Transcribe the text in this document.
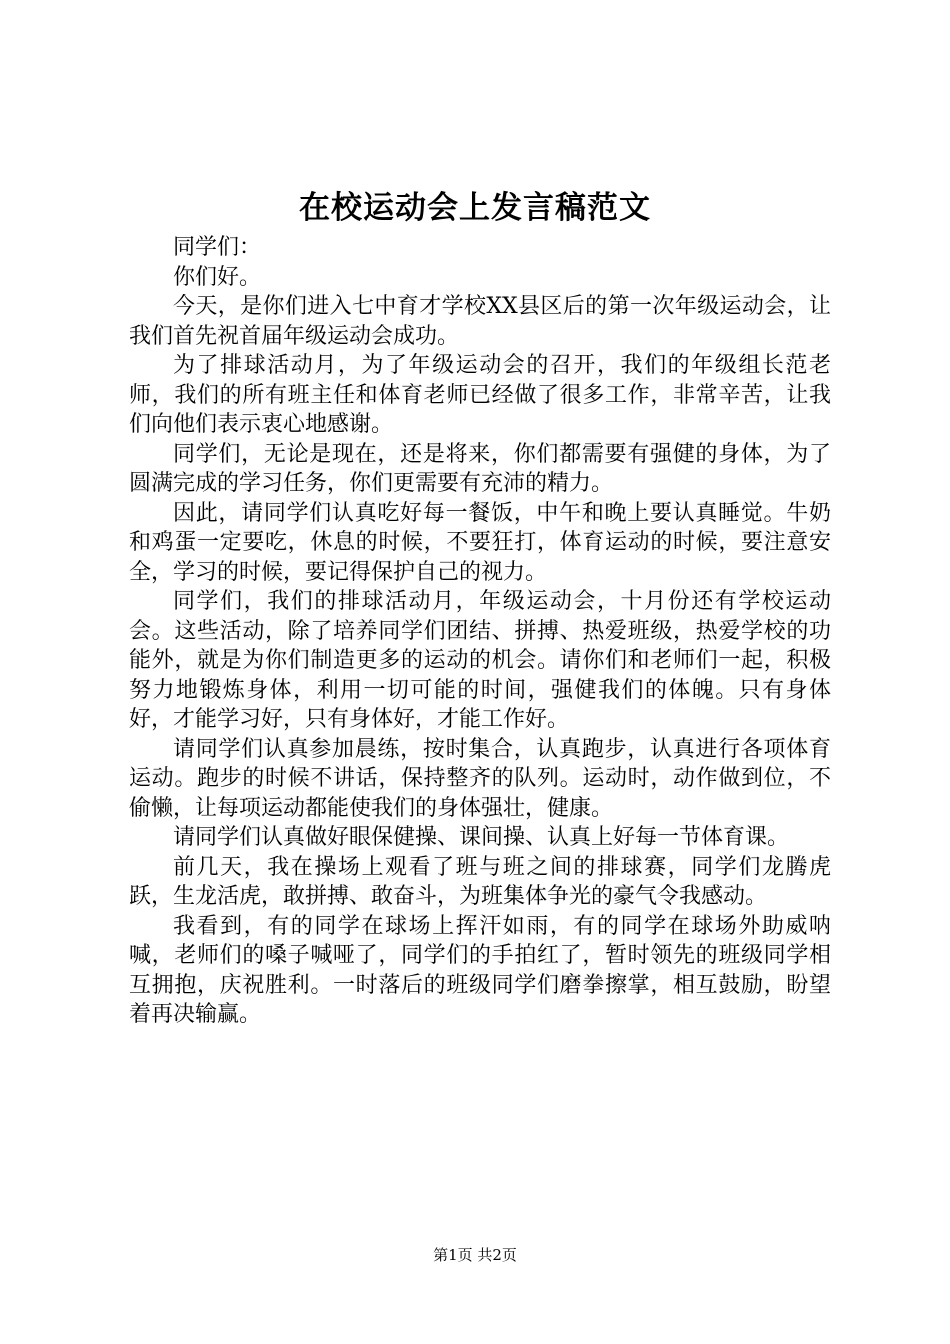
在校运动会上发言稿范文

同学们：

你们好。

今天，是你们进入七中育才学校XX县区后的第一次年级运动会，让我们首先祝首届年级运动会成功。

为了排球活动月，为了年级运动会的召开，我们的年级组长范老师，我们的所有班主任和体育老师已经做了很多工作，非常辛苦，让我们向他们表示衷心地感谢。

同学们，无论是现在，还是将来，你们都需要有强健的身体，为了圆满完成的学习任务，你们更需要有充沛的精力。

因此，请同学们认真吃好每一餐饭，中午和晚上要认真睡觉。牛奶和鸡蛋一定要吃，休息的时候，不要狂打，体育运动的时候，要注意安全，学习的时候，要记得保护自己的视力。

同学们，我们的排球活动月，年级运动会，十月份还有学校运动会。这些活动，除了培养同学们团结、拼搏、热爱班级，热爱学校的功能外，就是为你们制造更多的运动的机会。请你们和老师们一起，积极努力地锻炼身体，利用一切可能的时间，强健我们的体魄。只有身体好，才能学习好，只有身体好，才能工作好。

请同学们认真参加晨练，按时集合，认真跑步，认真进行各项体育运动。跑步的时候不讲话，保持整齐的队列。运动时，动作做到位，不偷懒，让每项运动都能使我们的身体强壮，健康。

请同学们认真做好眼保健操、课间操、认真上好每一节体育课。

前几天，我在操场上观看了班与班之间的排球赛，同学们龙腾虎跃，生龙活虎，敢拼搏、敢奋斗，为班集体争光的豪气令我感动。

我看到，有的同学在球场上挥汗如雨，有的同学在球场外助威呐喊，老师们的嗓子喊哑了，同学们的手拍红了，暂时领先的班级同学相互拥抱，庆祝胜利。一时落后的班级同学们磨拳擦掌，相互鼓励，盼望着再决输赢。

第1页 共2页
